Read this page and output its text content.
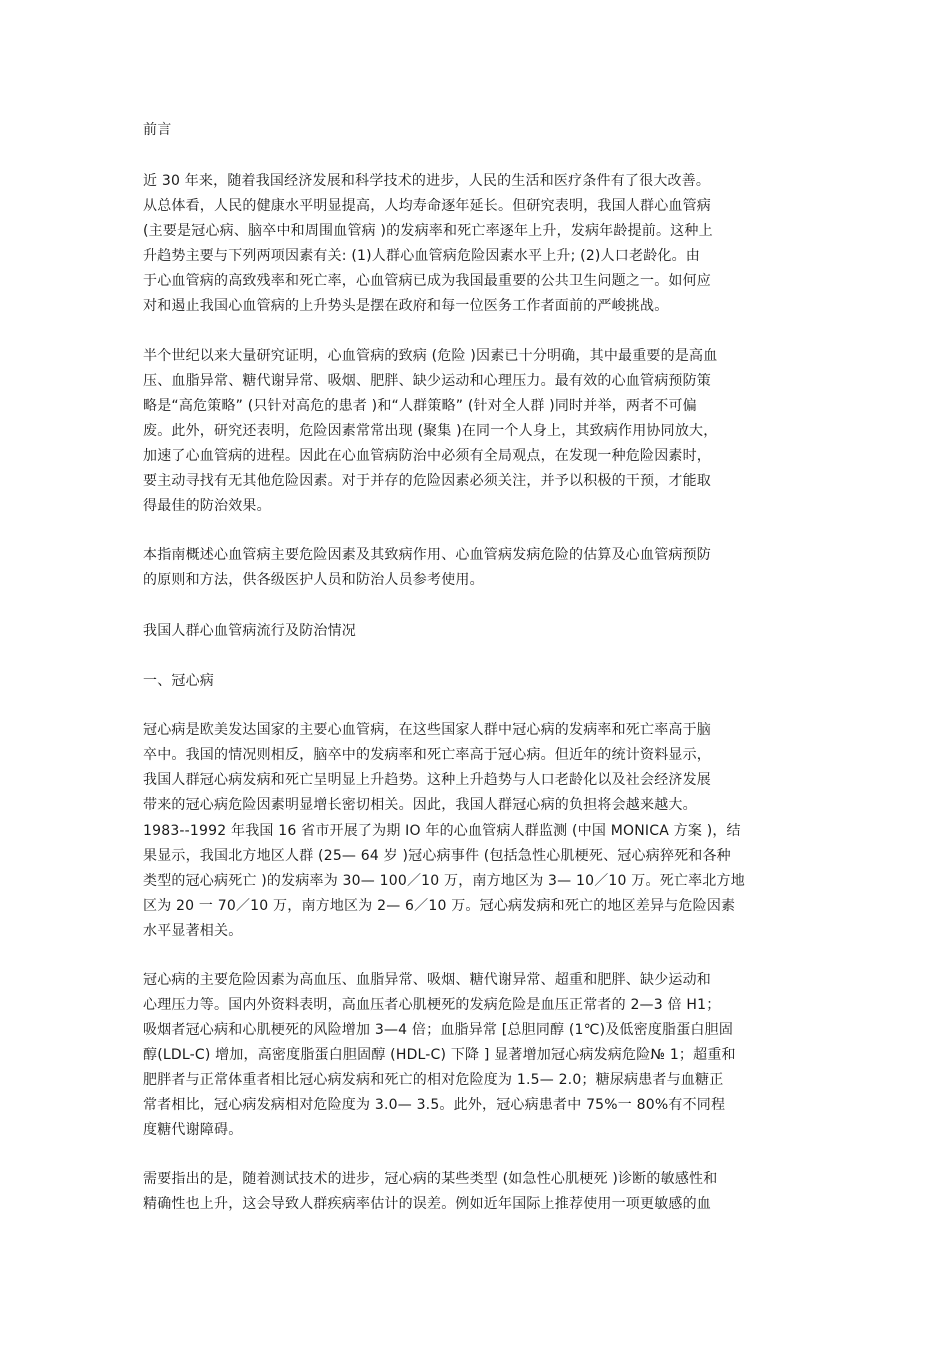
前言
近 30 年来，随着我国经济发展和科学技术的进步，人民的生活和医疗条件有了很大改善。
从总体看，人民的健康水平明显提高，人均寿命逐年延长。但研究表明，我国人群心血管病
(主要是冠心病、脑卒中和周围血管病 )的发病率和死亡率逐年上升，发病年龄提前。这种上
升趋势主要与下列两项因素有关: (1)人群心血管病危险因素水平上升; (2)人口老龄化。由
于心血管病的高致残率和死亡率，心血管病已成为我国最重要的公共卫生问题之一。如何应
对和遏止我国心血管病的上升势头是摆在政府和每一位医务工作者面前的严峻挑战。
半个世纪以来大量研究证明，心血管病的致病 (危险 )因素已十分明确，其中最重要的是高血
压、血脂异常、糖代谢异常、吸烟、肥胖、缺少运动和心理压力。最有效的心血管病预防策
略是“高危策略” (只针对高危的患者 )和“人群策略” (针对全人群 )同时并举，两者不可偏
废。此外，研究还表明，危险因素常常出现 (聚集 )在同一个人身上，其致病作用协同放大，
加速了心血管病的进程。因此在心血管病防治中必须有全局观点，在发现一种危险因素时，
要主动寻找有无其他危险因素。对于并存的危险因素必须关注，并予以积极的干预，才能取
得最佳的防治效果。
本指南概述心血管病主要危险因素及其致病作用、心血管病发病危险的估算及心血管病预防
的原则和方法，供各级医护人员和防治人员参考使用。
我国人群心血管病流行及防治情况
一、冠心病
冠心病是欧美发达国家的主要心血管病，在这些国家人群中冠心病的发病率和死亡率高于脑
卒中。我国的情况则相反，脑卒中的发病率和死亡率高于冠心病。但近年的统计资料显示，
我国人群冠心病发病和死亡呈明显上升趋势。这种上升趋势与人口老龄化以及社会经济发展
带来的冠心病危险因素明显增长密切相关。因此，我国人群冠心病的负担将会越来越大。
1983--1992 年我国 16 省市开展了为期 IO 年的心血管病人群监测 (中国 MONICA 方案 )，结
果显示，我国北方地区人群 (25— 64 岁 )冠心病事件 (包括急性心肌梗死、冠心病猝死和各种
类型的冠心病死亡 )的发病率为 30— 100／10 万，南方地区为 3— 10／10 万。死亡率北方地
区为 20 一 70／10 万，南方地区为 2— 6／10 万。冠心病发病和死亡的地区差异与危险因素
水平显著相关。
冠心病的主要危险因素为高血压、血脂异常、吸烟、糖代谢异常、超重和肥胖、缺少运动和
心理压力等。国内外资料表明，高血压者心肌梗死的发病危险是血压正常者的 2—3 倍 H1；
吸烟者冠心病和心肌梗死的风险增加 3—4 倍；血脂异常 [总胆同醇 (1℃)及低密度脂蛋白胆固
醇(LDL-C) 增加，高密度脂蛋白胆固醇 (HDL-C) 下降 ] 显著增加冠心病发病危险№ 1；超重和
肥胖者与正常体重者相比冠心病发病和死亡的相对危险度为 1.5— 2.0；糖尿病患者与血糖正
常者相比，冠心病发病相对危险度为 3.0— 3.5。此外，冠心病患者中 75%一 80%有不同程
度糖代谢障碍。
需要指出的是，随着测试技术的进步，冠心病的某些类型 (如急性心肌梗死 )诊断的敏感性和
精确性也上升，这会导致人群疾病率估计的误差。例如近年国际上推荐使用一项更敏感的血
